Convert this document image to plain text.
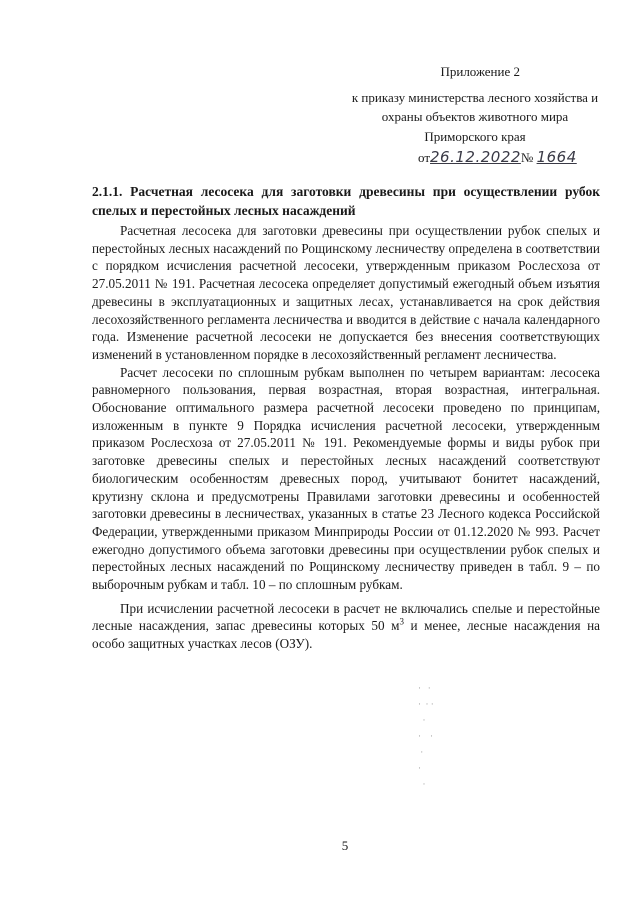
Приложение 2
к приказу министерства лесного хозяйства и
охраны объектов животного мира
Приморского края
от26.12.2022№ 1664
2.1.1. Расчетная лесосека для заготовки древесины при осуществлении рубок спелых и перестойных лесных насаждений

Расчетная лесосека для заготовки древесины при осуществлении рубок спелых и перестойных лесных насаждений по Рощинскому лесничеству определена в соответствии с порядком исчисления расчетной лесосеки, утвержденным приказом Рослесхоза от 27.05.2011 № 191. Расчетная лесосека определяет допустимый ежегодный объем изъятия древесины в эксплуатационных и защитных лесах, устанавливается на срок действия лесохозяйственного регламента лесничества и вводится в действие с начала календарного года. Изменение расчетной лесосеки не допускается без внесения соответствующих изменений в установленном порядке в лесохозяйственный регламент лесничества.

Расчет лесосеки по сплошным рубкам выполнен по четырем вариантам: лесосека равномерного пользования, первая возрастная, вторая возрастная, интегральная. Обоснование оптимального размера расчетной лесосеки проведено по принципам, изложенным в пункте 9 Порядка исчисления расчетной лесосеки, утвержденным приказом Рослесхоза от 27.05.2011 № 191. Рекомендуемые формы и виды рубок при заготовке древесины спелых и перестойных лесных насаждений соответствуют биологическим особенностям древесных пород, учитывают бонитет насаждений, крутизну склона и предусмотрены Правилами заготовки древесины и особенностей заготовки древесины в лесничествах, указанных в статье 23 Лесного кодекса Российской Федерации, утвержденными приказом Минприроды России от 01.12.2020 № 993. Расчет ежегодно допустимого объема заготовки древесины при осуществлении рубок спелых и перестойных лесных насаждений по Рощинскому лесничеству приведен в табл. 9 – по выборочным рубкам и табл. 10 – по сплошным рубкам.

При исчислении расчетной лесосеки в расчет не включались спелые и перестойные лесные насаждения, запас древесины которых 50 $м^3$ и менее, лесные насаждения на особо защитных участках лесов (ОЗУ).

·   ·
·  · ·
·
·    ·
·
·
·
5
